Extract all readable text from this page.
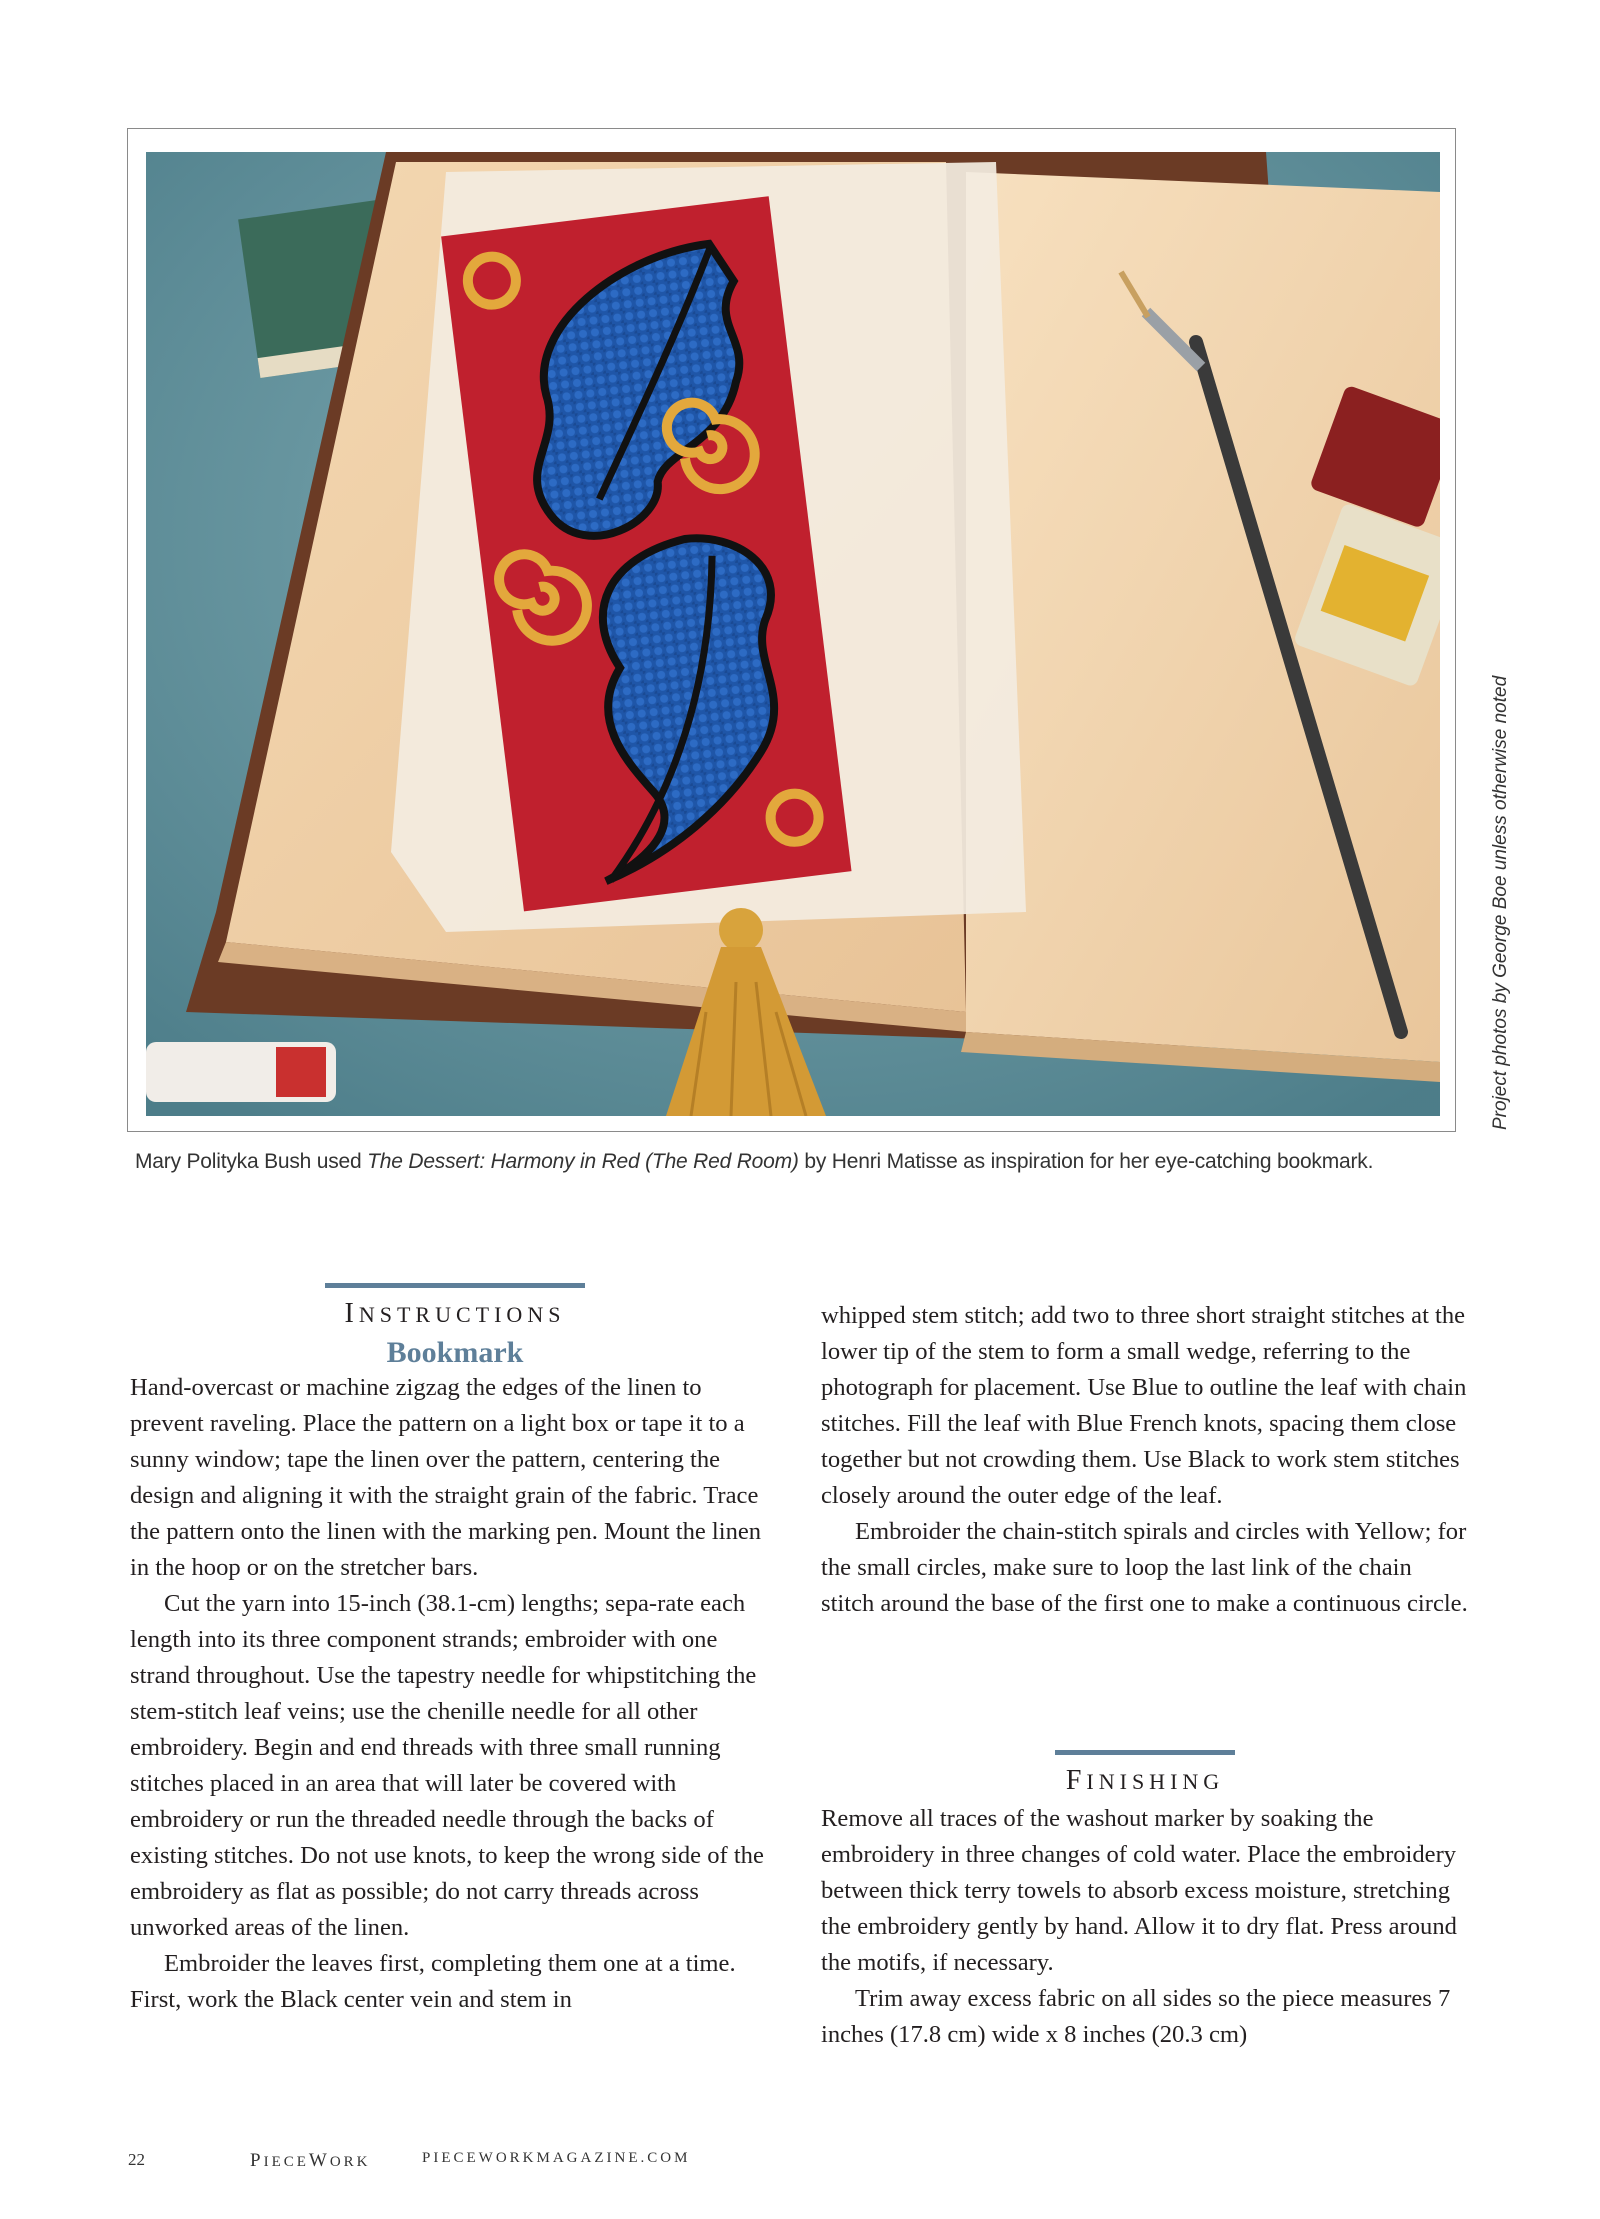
Project photos by George Boe unless otherwise noted
Mary Polityka Bush used The Dessert: Harmony in Red (The Red Room) by Henri Matisse as inspiration for her eye-catching bookmark.
INSTRUCTIONS
Bookmark

Hand-overcast or machine zigzag the edges of the linen to prevent raveling. Place the pattern on a light box or tape it to a sunny window; tape the linen over the pattern, centering the design and aligning it with the straight grain of the fabric. Trace the pattern onto the linen with the marking pen. Mount the linen in the hoop or on the stretcher bars.

Cut the yarn into 15-inch (38.1-cm) lengths; sepa-rate each length into its three component strands; embroider with one strand throughout. Use the tapestry needle for whipstitching the stem-stitch leaf veins; use the chenille needle for all other embroidery. Begin and end threads with three small running stitches placed in an area that will later be covered with embroidery or run the threaded needle through the backs of existing stitches. Do not use knots, to keep the wrong side of the embroidery as flat as possible; do not carry threads across unworked areas of the linen.

Embroider the leaves first, completing them one at a time. First, work the Black center vein and stem in

whipped stem stitch; add two to three short straight stitches at the lower tip of the stem to form a small wedge, referring to the photograph for placement. Use Blue to outline the leaf with chain stitches. Fill the leaf with Blue French knots, spacing them close together but not crowding them. Use Black to work stem stitches closely around the outer edge of the leaf.

Embroider the chain-stitch spirals and circles with Yellow; for the small circles, make sure to loop the last link of the chain stitch around the base of the first one to make a continuous circle.

FINISHING

Remove all traces of the washout marker by soaking the embroidery in three changes of cold water. Place the embroidery between thick terry towels to absorb excess moisture, stretching the embroidery gently by hand. Allow it to dry flat. Press around the motifs, if necessary.

Trim away excess fabric on all sides so the piece measures 7 inches (17.8 cm) wide x 8 inches (20.3 cm)

22	PIECEWORK	PIECEWORKMAGAZINE.COM
